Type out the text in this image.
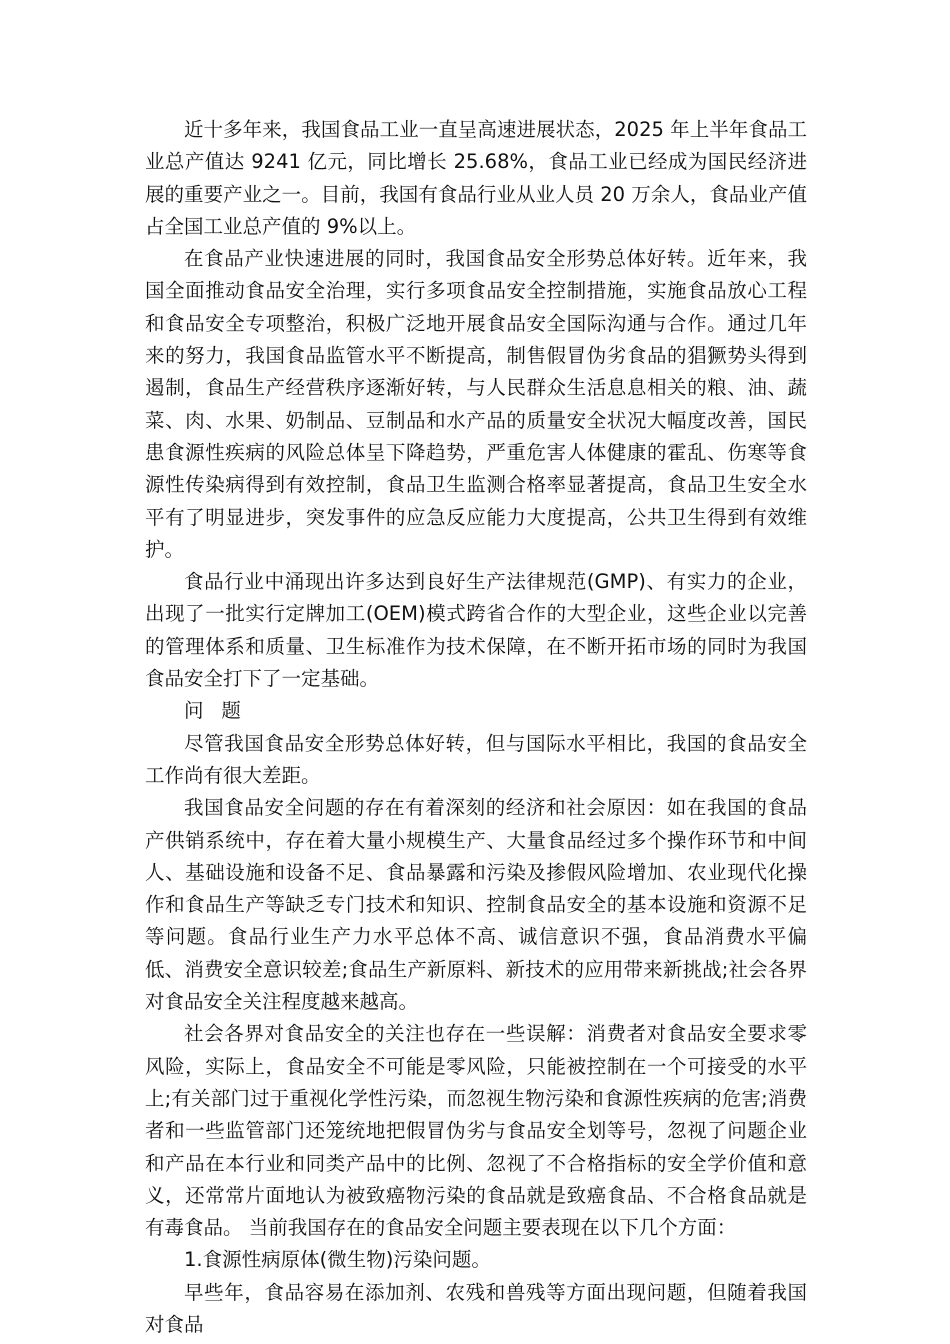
近十多年来，我国食品工业一直呈高速进展状态，2025 年上半年食品工业总产值达 9241 亿元，同比增长 25.68%，食品工业已经成为国民经济进展的重要产业之一。目前，我国有食品行业从业人员 20 万余人，食品业产值占全国工业总产值的 9%以上。

在食品产业快速进展的同时，我国食品安全形势总体好转。近年来，我国全面推动食品安全治理，实行多项食品安全控制措施，实施食品放心工程和食品安全专项整治，积极广泛地开展食品安全国际沟通与合作。通过几年来的努力，我国食品监管水平不断提高，制售假冒伪劣食品的猖獗势头得到遏制，食品生产经营秩序逐渐好转，与人民群众生活息息相关的粮、油、蔬菜、肉、水果、奶制品、豆制品和水产品的质量安全状况大幅度改善，国民患食源性疾病的风险总体呈下降趋势，严重危害人体健康的霍乱、伤寒等食源性传染病得到有效控制，食品卫生监测合格率显著提高，食品卫生安全水平有了明显进步，突发事件的应急反应能力大度提高，公共卫生得到有效维护。

食品行业中涌现出许多达到良好生产法律规范(GMP)、有实力的企业，出现了一批实行定牌加工(OEM)模式跨省合作的大型企业，这些企业以完善的管理体系和质量、卫生标准作为技术保障，在不断开拓市场的同时为我国食品安全打下了一定基础。

问 题

尽管我国食品安全形势总体好转，但与国际水平相比，我国的食品安全工作尚有很大差距。

我国食品安全问题的存在有着深刻的经济和社会原因：如在我国的食品产供销系统中，存在着大量小规模生产、大量食品经过多个操作环节和中间人、基础设施和设备不足、食品暴露和污染及掺假风险增加、农业现代化操作和食品生产等缺乏专门技术和知识、控制食品安全的基本设施和资源不足等问题。食品行业生产力水平总体不高、诚信意识不强，食品消费水平偏低、消费安全意识较差;食品生产新原料、新技术的应用带来新挑战;社会各界对食品安全关注程度越来越高。

社会各界对食品安全的关注也存在一些误解：消费者对食品安全要求零风险，实际上，食品安全不可能是零风险，只能被控制在一个可接受的水平上;有关部门过于重视化学性污染，而忽视生物污染和食源性疾病的危害;消费者和一些监管部门还笼统地把假冒伪劣与食品安全划等号，忽视了问题企业和产品在本行业和同类产品中的比例、忽视了不合格指标的安全学价值和意义，还常常片面地认为被致癌物污染的食品就是致癌食品、不合格食品就是有毒食品。 当前我国存在的食品安全问题主要表现在以下几个方面：

1.食源性病原体(微生物)污染问题。

早些年，食品容易在添加剂、农残和兽残等方面出现问题，但随着我国对食品
